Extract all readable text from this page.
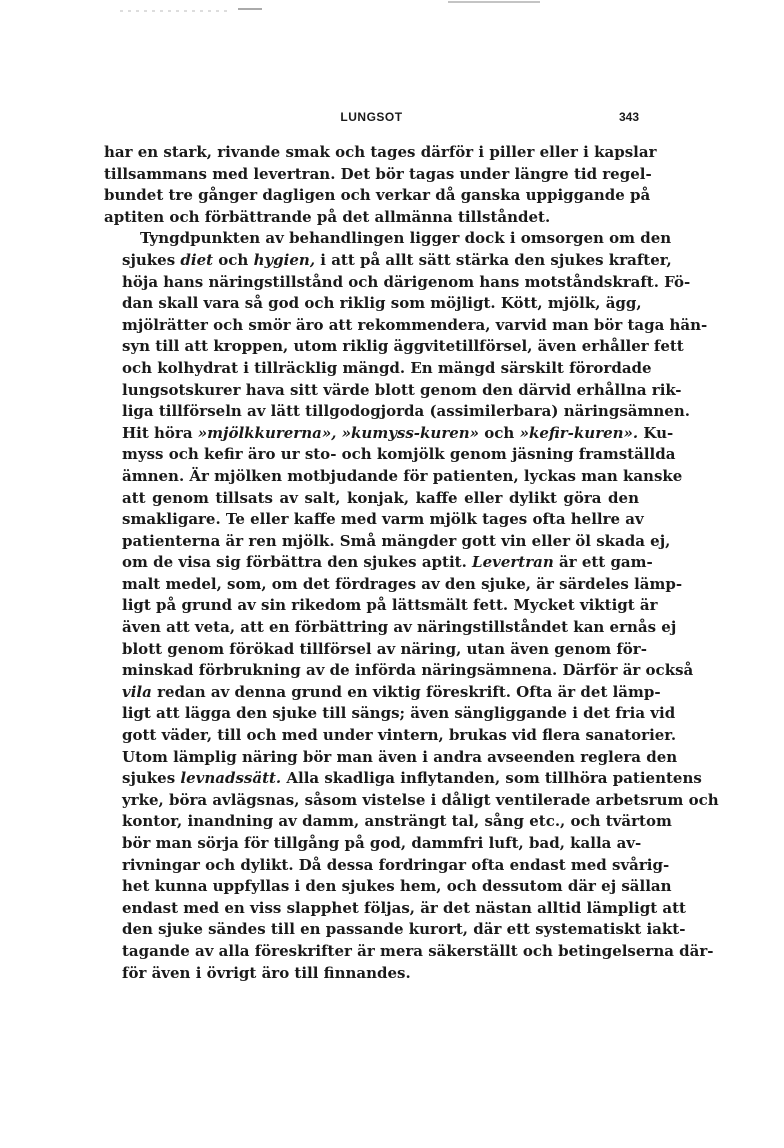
LUNGSOT	343

har en stark, rivande smak och tages därför i piller eller i kapslar
tillsammans med levertran. Det bör tagas under längre tid regel-
bundet tre gånger dagligen och verkar då ganska uppiggande på
aptiten och förbättrande på det allmänna tillståndet.

Tyngdpunkten av behandlingen ligger dock i omsorgen om den
sjukes diet och hygien, i att på allt sätt stärka den sjukes krafter,
höja hans näringstillstånd och därigenom hans motståndskraft. Fö-
dan skall vara så god och riklig som möjligt. Kött, mjölk, ägg,
mjölrätter och smör äro att rekommendera, varvid man bör taga hän-
syn till att kroppen, utom riklig äggvitetillförsel, även erhåller fett
och kolhydrat i tillräcklig mängd. En mängd särskilt förordade
lungsotskurer hava sitt värde blott genom den därvid erhållna rik-
liga tillförseln av lätt tillgodogjorda (assimilerbara) näringsämnen.
Hit höra »mjölkkurerna», »kumyss-kuren» och »kefir-kuren». Ku-
myss och kefir äro ur sto- och komjölk genom jäsning framställda
ämnen. Är mjölken motbjudande för patienten, lyckas man kanske
att genom tillsats av salt, konjak, kaffe eller dylikt göra den
smakligare. Te eller kaffe med varm mjölk tages ofta hellre av
patienterna är ren mjölk. Små mängder gott vin eller öl skada ej,
om de visa sig förbättra den sjukes aptit. Levertran är ett gam-
malt medel, som, om det fördrages av den sjuke, är särdeles lämp-
ligt på grund av sin rikedom på lättsmält fett. Mycket viktigt är
även att veta, att en förbättring av näringstillståndet kan ernås ej
blott genom förökad tillförsel av näring, utan även genom för-
minskad förbrukning av de införda näringsämnena. Därför är också
vila redan av denna grund en viktig föreskrift. Ofta är det lämp-
ligt att lägga den sjuke till sängs; även sängliggande i det fria vid
gott väder, till och med under vintern, brukas vid flera sanatorier.
Utom lämplig näring bör man även i andra avseenden reglera den
sjukes levnadssätt. Alla skadliga inflytanden, som tillhöra patientens
yrke, böra avlägsnas, såsom vistelse i dåligt ventilerade arbetsrum och
kontor, inandning av damm, ansträngt tal, sång etc., och tvärtom
bör man sörja för tillgång på god, dammfri luft, bad, kalla av-
rivningar och dylikt. Då dessa fordringar ofta endast med svårig-
het kunna uppfyllas i den sjukes hem, och dessutom där ej sällan
endast med en viss slapphet följas, är det nästan alltid lämpligt att
den sjuke sändes till en passande kurort, där ett systematiskt iakt-
tagande av alla föreskrifter är mera säkerställt och betingelserna där-
för även i övrigt äro till finnandes.
